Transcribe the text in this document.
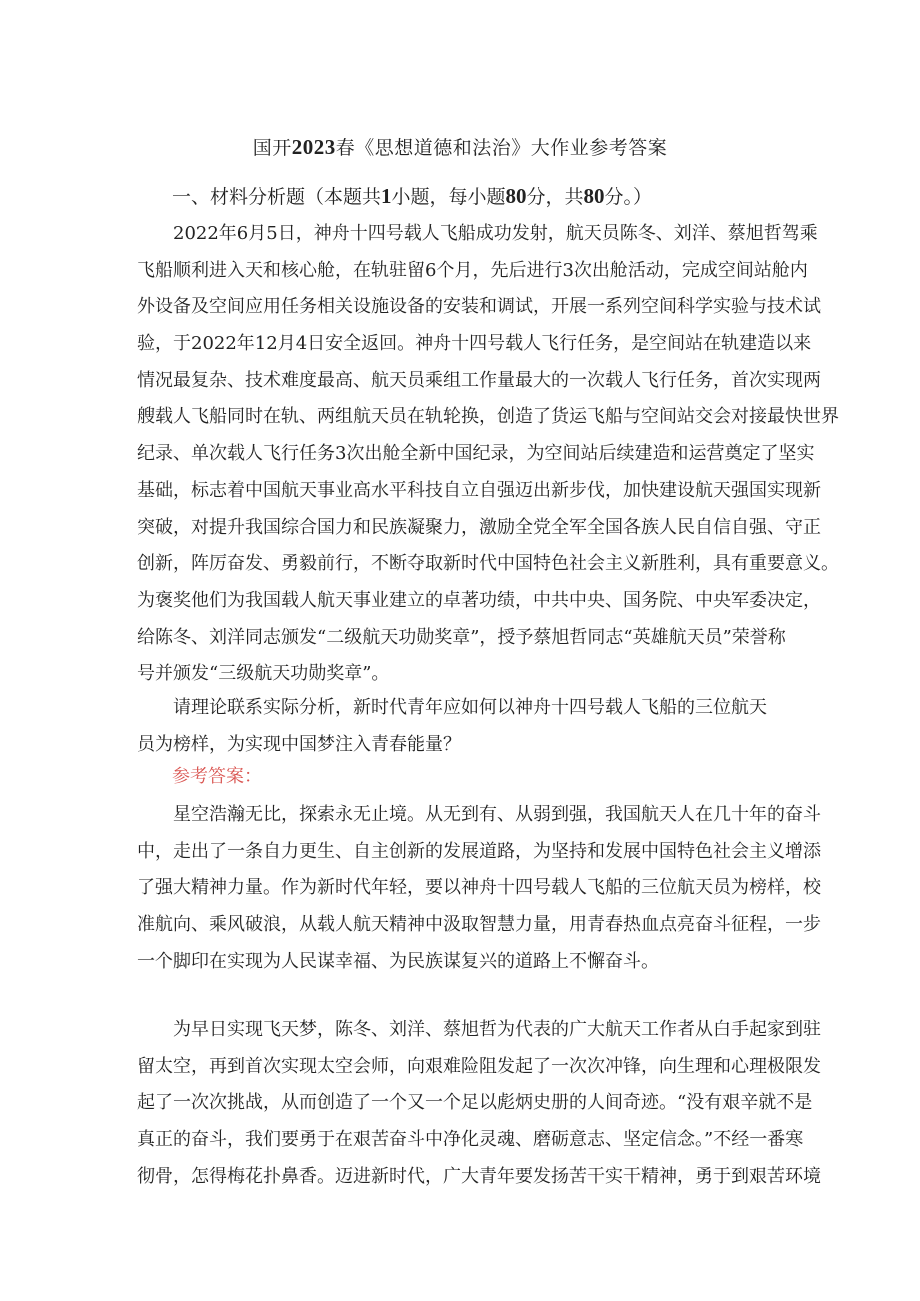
国开2023春《思想道德和法治》大作业参考答案
一、材料分析题（本题共1小题，每小题80分，共80分。）
　　2022年6月5日，神舟十四号载人飞船成功发射，航天员陈冬、刘洋、蔡旭哲驾乘
飞船顺利进入天和核心舱，在轨驻留6个月，先后进行3次出舱活动，完成空间站舱内
外设备及空间应用任务相关设施设备的安装和调试，开展一系列空间科学实验与技术试
验，于2022年12月4日安全返回。神舟十四号载人飞行任务，是空间站在轨建造以来
情况最复杂、技术难度最高、航天员乘组工作量最大的一次载人飞行任务，首次实现两
艘载人飞船同时在轨、两组航天员在轨轮换，创造了货运飞船与空间站交会对接最快世界
纪录、单次载人飞行任务3次出舱全新中国纪录，为空间站后续建造和运营奠定了坚实
基础，标志着中国航天事业高水平科技自立自强迈出新步伐，加快建设航天强国实现新
突破，对提升我国综合国力和民族凝聚力，激励全党全军全国各族人民自信自强、守正
创新，阵厉奋发、勇毅前行，不断夺取新时代中国特色社会主义新胜利，具有重要意义。
为褒奖他们为我国载人航天事业建立的卓著功绩，中共中央、国务院、中央军委决定，
给陈冬、刘洋同志颁发“二级航天功勋奖章”，授予蔡旭哲同志“英雄航天员”荣誉称
号并颁发“三级航天功勋奖章”。
　　请理论联系实际分析，新时代青年应如何以神舟十四号载人飞船的三位航天
员为榜样，为实现中国梦注入青春能量？
参考答案：
　　星空浩瀚无比，探索永无止境。从无到有、从弱到强，我国航天人在几十年的奋斗
中，走出了一条自力更生、自主创新的发展道路，为坚持和发展中国特色社会主义增添
了强大精神力量。作为新时代年轻，要以神舟十四号载人飞船的三位航天员为榜样，校
准航向、乘风破浪，从载人航天精神中汲取智慧力量，用青春热血点亮奋斗征程，一步
一个脚印在实现为人民谋幸福、为民族谋复兴的道路上不懈奋斗。
　　为早日实现飞天梦，陈冬、刘洋、蔡旭哲为代表的广大航天工作者从白手起家到驻
留太空，再到首次实现太空会师，向艰难险阻发起了一次次冲锋，向生理和心理极限发
起了一次次挑战，从而创造了一个又一个足以彪炳史册的人间奇迹。“没有艰辛就不是
真正的奋斗，我们要勇于在艰苦奋斗中净化灵魂、磨砺意志、坚定信念。”不经一番寒
彻骨，怎得梅花扑鼻香。迈进新时代，广大青年要发扬苦干实干精神，勇于到艰苦环境
